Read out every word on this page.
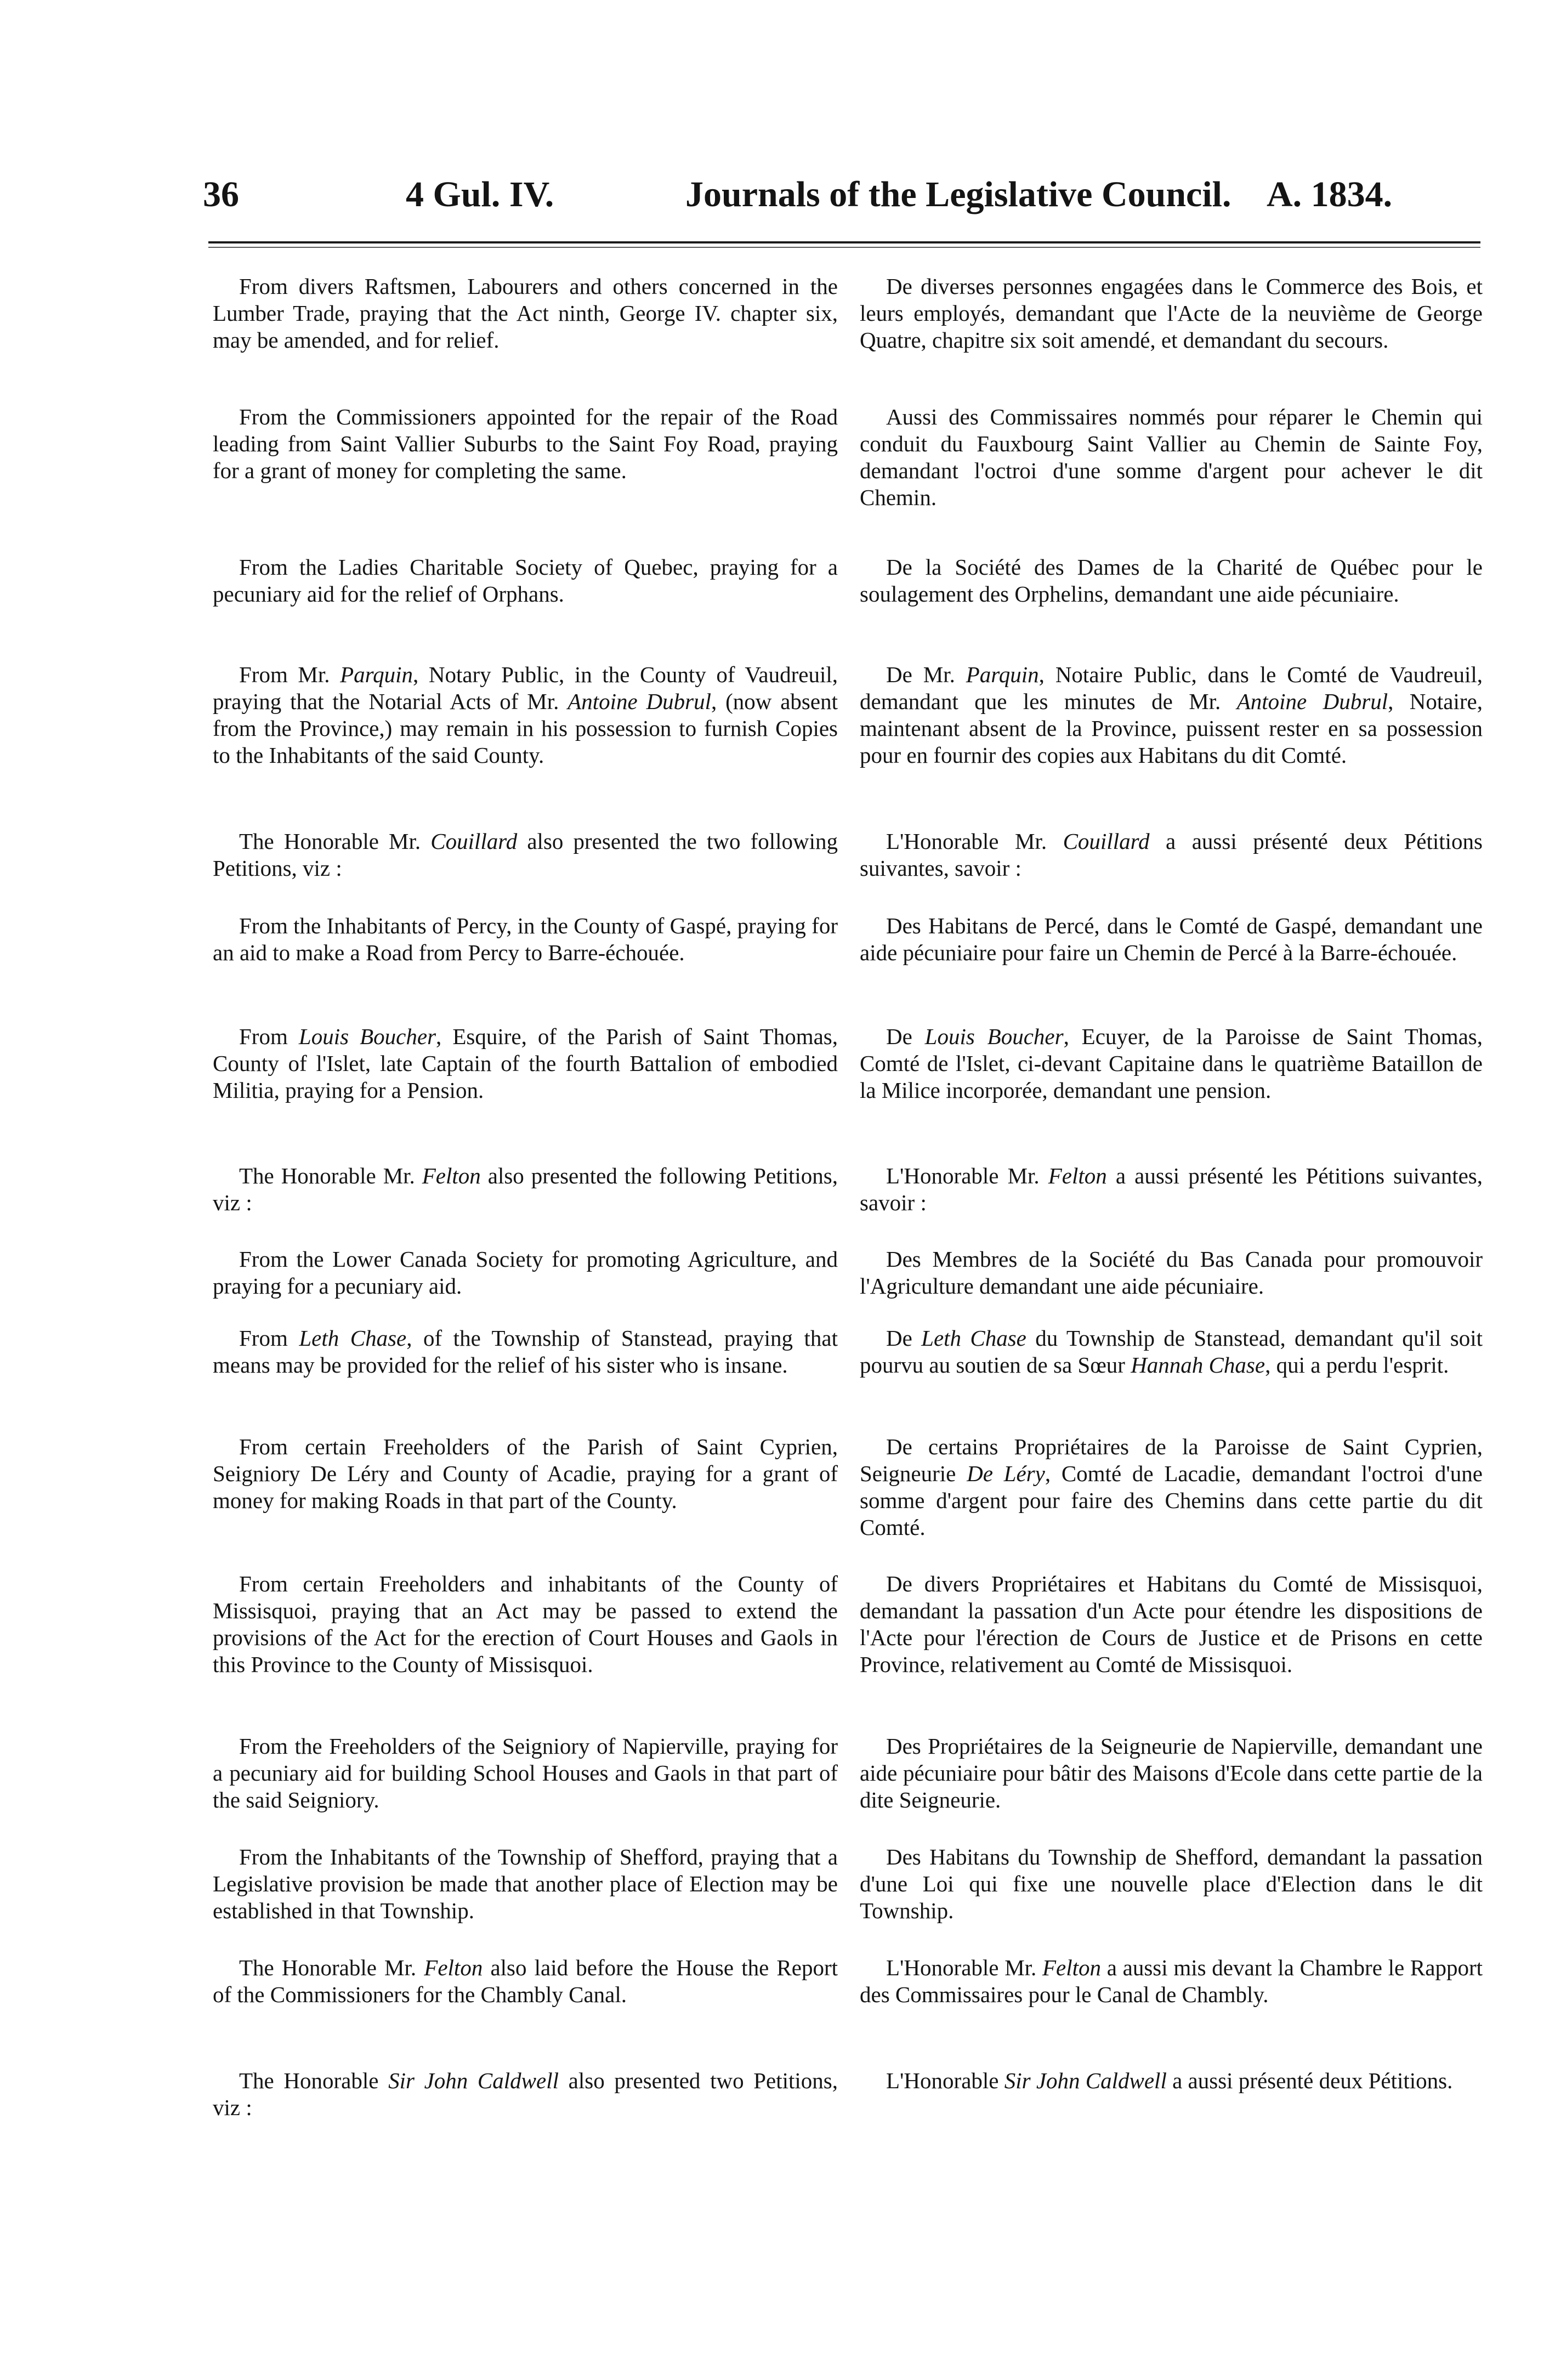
36	4 Gul. IV.	Journals of the Legislative Council. A. 1834.

From divers Raftsmen, Labourers and others concerned in the Lumber Trade, praying that the Act ninth, George IV. chapter six, may be amended, and for relief.

De diverses personnes engagées dans le Commerce des Bois, et leurs employés, demandant que l'Acte de la neuvième de George Quatre, chapitre six soit amendé, et demandant du secours.

From the Commissioners appointed for the repair of the Road leading from Saint Vallier Suburbs to the Saint Foy Road, praying for a grant of money for completing the same.

Aussi des Commissaires nommés pour réparer le Chemin qui conduit du Fauxbourg Saint Vallier au Chemin de Sainte Foy, demandant l'octroi d'une somme d'argent pour achever le dit Chemin.

From the Ladies Charitable Society of Quebec, praying for a pecuniary aid for the relief of Orphans.

De la Société des Dames de la Charité de Québec pour le soulagement des Orphelins, demandant une aide pécuniaire.

From Mr. Parquin, Notary Public, in the County of Vaudreuil, praying that the Notarial Acts of Mr. Antoine Dubrul, (now absent from the Province,) may remain in his possession to furnish Copies to the Inhabitants of the said County.

De Mr. Parquin, Notaire Public, dans le Comté de Vaudreuil, demandant que les minutes de Mr. Antoine Dubrul, Notaire, maintenant absent de la Province, puissent rester en sa possession pour en fournir des copies aux Habitans du dit Comté.

The Honorable Mr. Couillard also presented the two following Petitions, viz :

L'Honorable Mr. Couillard a aussi présenté deux Pétitions suivantes, savoir :

From the Inhabitants of Percy, in the County of Gaspé, praying for an aid to make a Road from Percy to Barre-échouée.

Des Habitans de Percé, dans le Comté de Gaspé, demandant une aide pécuniaire pour faire un Chemin de Percé à la Barre-échouée.

From Louis Boucher, Esquire, of the Parish of Saint Thomas, County of l'Islet, late Captain of the fourth Battalion of embodied Militia, praying for a Pension.

De Louis Boucher, Ecuyer, de la Paroisse de Saint Thomas, Comté de l'Islet, ci-devant Capitaine dans le quatrième Bataillon de la Milice incorporée, demandant une pension.

The Honorable Mr. Felton also presented the following Petitions, viz :

L'Honorable Mr. Felton a aussi présenté les Pétitions suivantes, savoir :

From the Lower Canada Society for promoting Agriculture, and praying for a pecuniary aid.

Des Membres de la Société du Bas Canada pour promouvoir l'Agriculture demandant une aide pécuniaire.

From Leth Chase, of the Township of Stanstead, praying that means may be provided for the relief of his sister who is insane.

De Leth Chase du Township de Stanstead, demandant qu'il soit pourvu au soutien de sa Sœur Hannah Chase, qui a perdu l'esprit.

From certain Freeholders of the Parish of Saint Cyprien, Seigniory De Léry and County of Acadie, praying for a grant of money for making Roads in that part of the County.

De certains Propriétaires de la Paroisse de Saint Cyprien, Seigneurie De Léry, Comté de Lacadie, demandant l'octroi d'une somme d'argent pour faire des Chemins dans cette partie du dit Comté.

From certain Freeholders and inhabitants of the County of Missisquoi, praying that an Act may be passed to extend the provisions of the Act for the erection of Court Houses and Gaols in this Province to the County of Missisquoi.

De divers Propriétaires et Habitans du Comté de Missisquoi, demandant la passation d'un Acte pour étendre les dispositions de l'Acte pour l'érection de Cours de Justice et de Prisons en cette Province, relativement au Comté de Missisquoi.

From the Freeholders of the Seigniory of Napierville, praying for a pecuniary aid for building School Houses and Gaols in that part of the said Seigniory.

Des Propriétaires de la Seigneurie de Napierville, demandant une aide pécuniaire pour bâtir des Maisons d'Ecole dans cette partie de la dite Seigneurie.

From the Inhabitants of the Township of Shefford, praying that a Legislative provision be made that another place of Election may be established in that Township.

Des Habitans du Township de Shefford, demandant la passation d'une Loi qui fixe une nouvelle place d'Election dans le dit Township.

The Honorable Mr. Felton also laid before the House the Report of the Commissioners for the Chambly Canal.

L'Honorable Mr. Felton a aussi mis devant la Chambre le Rapport des Commissaires pour le Canal de Chambly.

The Honorable Sir John Caldwell also presented two Petitions, viz :

L'Honorable Sir John Caldwell a aussi présenté deux Pétitions.
